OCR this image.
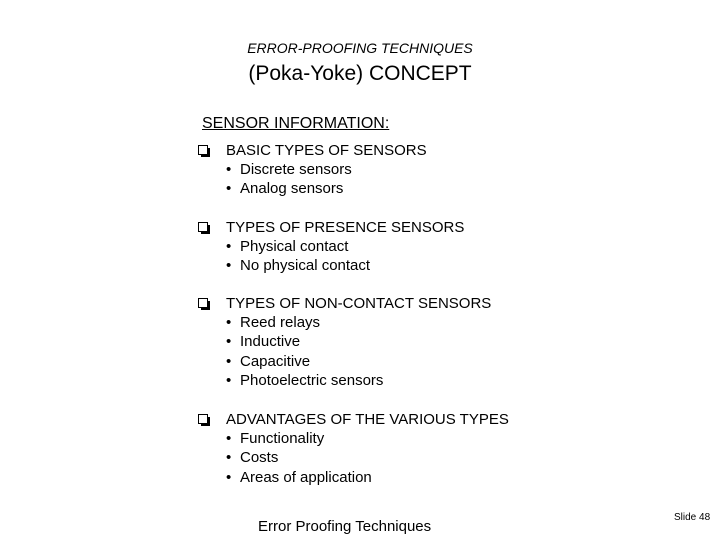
ERROR-PROOFING TECHNIQUES
(Poka-Yoke) CONCEPT
SENSOR INFORMATION:
BASIC TYPES OF SENSORS
• Discrete sensors
• Analog sensors
TYPES OF PRESENCE SENSORS
• Physical contact
• No physical contact
TYPES OF NON-CONTACT SENSORS
• Reed relays
• Inductive
• Capacitive
• Photoelectric sensors
ADVANTAGES OF THE VARIOUS TYPES
• Functionality
• Costs
• Areas of application
Error Proofing Techniques
Slide 48
